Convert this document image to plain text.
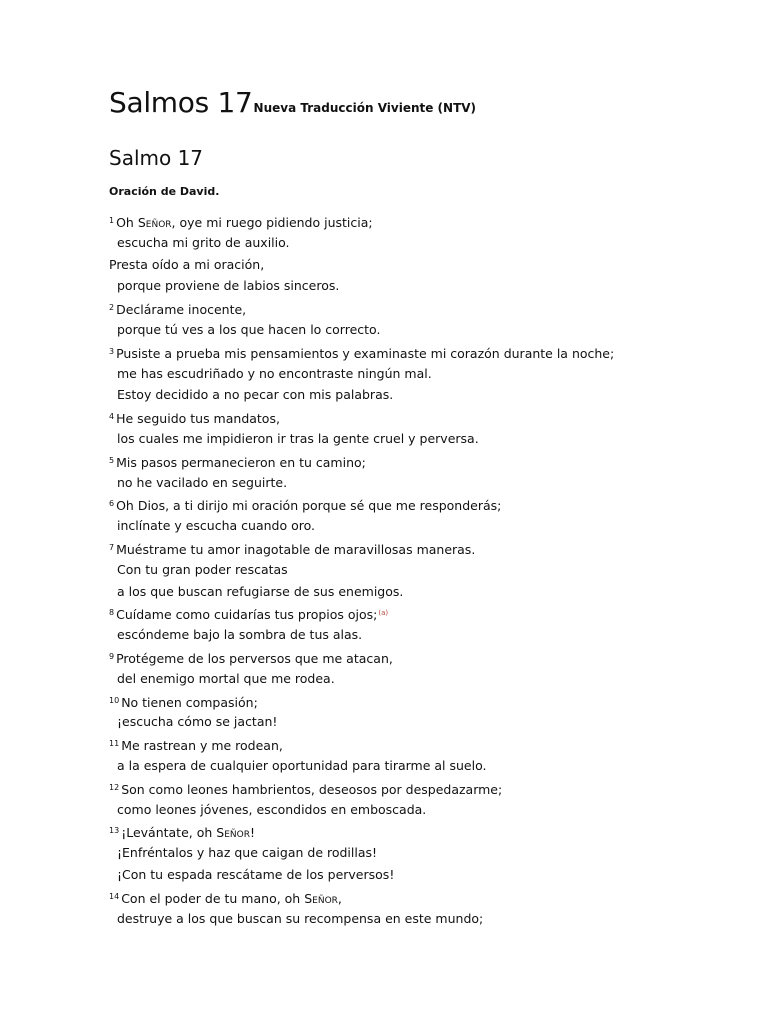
Salmos 17 Nueva Traducción Viviente (NTV)
Salmo 17
Oración de David.
$^1$ Oh Señor, oye mi ruego pidiendo justicia;
escucha mi grito de auxilio.
Presta oído a mi oración,
porque proviene de labios sinceros.
$^2$ Declárame inocente,
porque tú ves a los que hacen lo correcto.
$^3$ Pusiste a prueba mis pensamientos y examinaste mi corazón durante la noche;
me has escudriñado y no encontraste ningún mal.
Estoy decidido a no pecar con mis palabras.
$^4$ He seguido tus mandatos,
los cuales me impidieron ir tras la gente cruel y perversa.
$^5$ Mis pasos permanecieron en tu camino;
no he vacilado en seguirte.
$^6$ Oh Dios, a ti dirijo mi oración porque sé que me responderás;
inclínate y escucha cuando oro.
$^7$ Muéstrame tu amor inagotable de maravillosas maneras.
Con tu gran poder rescatas
a los que buscan refugiarse de sus enemigos.
$^8$ Cuídame como cuidarías tus propios ojos;$^{(a)}$
escóndeme bajo la sombra de tus alas.
$^9$ Protégeme de los perversos que me atacan,
del enemigo mortal que me rodea.
$^{10}$ No tienen compasión;
¡escucha cómo se jactan!
$^{11}$ Me rastrean y me rodean,
a la espera de cualquier oportunidad para tirarme al suelo.
$^{12}$ Son como leones hambrientos, deseosos por despedazarme;
como leones jóvenes, escondidos en emboscada.
$^{13}$ ¡Levántate, oh Señor!
¡Enfréntalos y haz que caigan de rodillas!
¡Con tu espada rescátame de los perversos!
$^{14}$ Con el poder de tu mano, oh Señor,
destruye a los que buscan su recompensa en este mundo;
